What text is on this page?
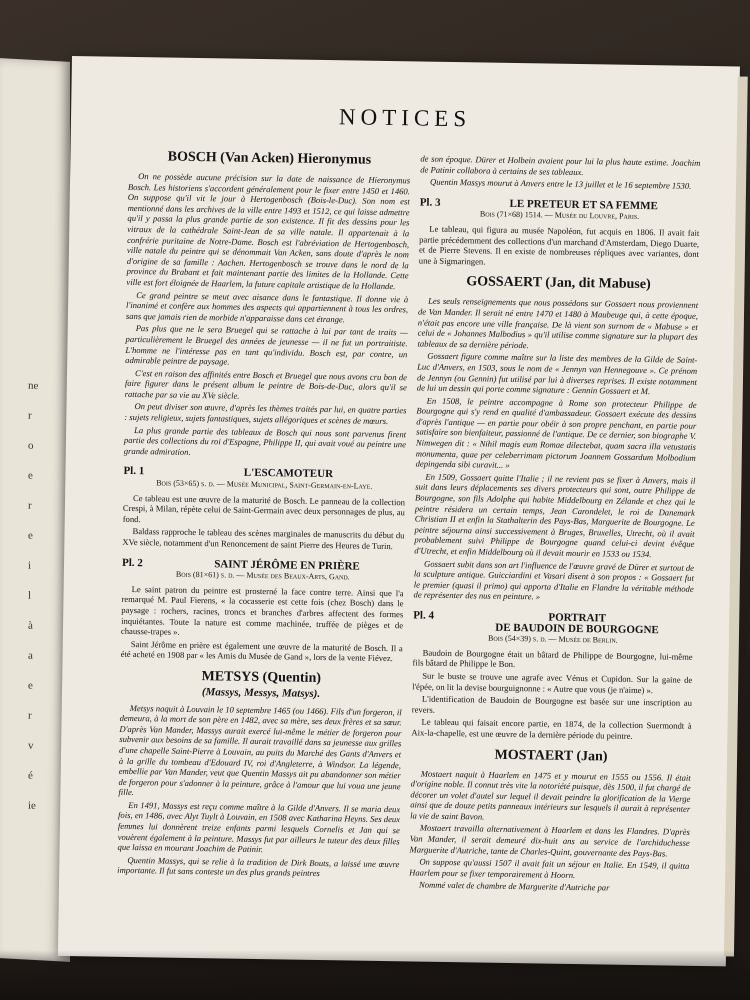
ne
r
o
e
r
e
i
l
à
a
e
r
v
é
ie
NOTICES
BOSCH (Van Acken) Hieronymus

On ne possède aucune précision sur la date de naissance de Hieronymus Bosch. Les historiens s'accordent généralement pour le fixer entre 1450 et 1460. On suppose qu'il vit le jour à Hertogenbosch (Bois-le-Duc). Son nom est mentionné dans les archives de la ville entre 1493 et 1512, ce qui laisse admettre qu'il y passa la plus grande partie de son existence. Il fit des dessins pour les vitraux de la cathédrale Saint-Jean de sa ville natale. Il appartenait à la confrérie puritaine de Notre-Dame. Bosch est l'abréviation de Hertogenbosch, ville natale du peintre qui se dénommait Van Acken, sans doute d'après le nom d'origine de sa famille : Aachen. Hertogenbosch se trouve dans le nord de la province du Brabant et fait maintenant partie des limites de la Hollande. Cette ville est fort éloignée de Haarlem, la future capitale artistique de la Hollande.

Ce grand peintre se meut avec aisance dans le fantastique. Il donne vie à l'inanimé et confère aux hommes des aspects qui appartiennent à tous les ordres, sans que jamais rien de morbide n'apparaisse dans cet étrange.

Pas plus que ne le sera Bruegel qui se rattache à lui par tant de traits — particulièrement le Bruegel des années de jeunesse — il ne fut un portraitiste. L'homme ne l'intéresse pas en tant qu'individu. Bosch est, par contre, un admirable peintre de paysage.

C'est en raison des affinités entre Bosch et Bruegel que nous avons cru bon de faire figurer dans le présent album le peintre de Bois-de-Duc, alors qu'il se rattache par sa vie au XVe siècle.

On peut diviser son œuvre, d'après les thèmes traités par lui, en quatre parties : sujets religieux, sujets fantastiques, sujets allégoriques et scènes de mœurs.

La plus grande partie des tableaux de Bosch qui nous sont parvenus firent partie des collections du roi d'Espagne, Philippe II, qui avait voué au peintre une grande admiration.

Pl. 1	L'ESCAMOTEUR
Bois (53×65) s. d. — Musée Municipal, Saint-Germain-en-Laye.

Ce tableau est une œuvre de la maturité de Bosch. Le panneau de la collection Crespi, à Milan, répète celui de Saint-Germain avec deux personnages de plus, au fond.

Baldass rapproche le tableau des scènes marginales de manuscrits du début du XVe siècle, notamment d'un Renoncement de saint Pierre des Heures de Turin.

Pl. 2	SAINT JÉRÔME EN PRIÈRE
Bois (81×61) s. d. — Musée des Beaux-Arts, Gand.

Le saint patron du peintre est prosterné la face contre terre. Ainsi que l'a remarqué M. Paul Fierens, « la cocasserie est cette fois (chez Bosch) dans le paysage : rochers, racines, troncs et branches d'arbres affectent des formes inquiétantes. Toute la nature est comme machinée, truffée de pièges et de chausse-trapes ».

Saint Jérôme en prière est également une œuvre de la maturité de Bosch. Il a été acheté en 1908 par « les Amis du Musée de Gand », lors de la vente Fiévez.

METSYS (Quentin)
(Massys, Messys, Matsys).

Metsys naquit à Louvain le 10 septembre 1465 (ou 1466). Fils d'un forgeron, il demeura, à la mort de son père en 1482, avec sa mère, ses deux frères et sa sœur. D'après Van Mander, Massys aurait exercé lui-même le métier de forgeron pour subvenir aux besoins de sa famille. Il aurait travaillé dans sa jeunesse aux grilles d'une chapelle Saint-Pierre à Louvain, au puits du Marché des Gants d'Anvers et à la grille du tombeau d'Edouard IV, roi d'Angleterre, à Windsor. La légende, embellie par Van Mander, veut que Quentin Massys ait pu abandonner son métier de forgeron pour s'adonner à la peinture, grâce à l'amour que lui voua une jeune fille.

En 1491, Massys est reçu comme maître à la Gilde d'Anvers. Il se maria deux fois, en 1486, avec Alyt Tuylt à Louvain, en 1508 avec Katharina Heyns. Ses deux femmes lui donnèrent treize enfants parmi lesquels Cornelis et Jan qui se vouèrent également à la peinture. Massys fut par ailleurs le tuteur des deux filles que laissa en mourant Joachim de Patinir.

Quentin Massys, qui se relie à la tradition de Dirk Bouts, a laissé une œuvre importante. Il fut sans conteste un des plus grands peintres

de son époque. Dürer et Holbein avaient pour lui la plus haute estime. Joachim de Patinir collabora à certains de ses tableaux.

Quentin Massys mourut à Anvers entre le 13 juillet et le 16 septembre 1530.

Pl. 3	LE PRETEUR ET SA FEMME
Bois (71×68) 1514. — Musée du Louvre, Paris.

Le tableau, qui figura au musée Napoléon, fut acquis en 1806. Il avait fait partie précédemment des collections d'un marchand d'Amsterdam, Diego Duarte, et de Pierre Stevens. Il en existe de nombreuses répliques avec variantes, dont une à Sigmaringen.

GOSSAERT (Jan, dit Mabuse)

Les seuls renseignements que nous possédons sur Gossaert nous proviennent de Van Mander. Il serait né entre 1470 et 1480 à Maubeuge qui, à cette époque, n'était pas encore une ville française. De là vient son surnom de « Mabuse » et celui de « Johannes Malbodius » qu'il utilise comme signature sur la plupart des tableaux de sa dernière période.

Gossaert figure comme maître sur la liste des membres de la Gilde de Saint-Luc d'Anvers, en 1503, sous le nom de « Jennyn van Hennegouve ». Ce prénom de Jennyn (ou Gennin) fut utilisé par lui à diverses reprises. Il existe notamment de lui un dessin qui porte comme signature : Gennin Gossaert et M.

En 1508, le peintre accompagne à Rome son protecteur Philippe de Bourgogne qui s'y rend en qualité d'ambassadeur. Gossaert exécute des dessins d'après l'antique — en partie pour obéir à son propre penchant, en partie pour satisfaire son bienfaiteur, passionné de l'antique. De ce dernier, son biographe V. Nimwegen dit : « Nihil magis eum Romae dilectebat, quam sacra illa vetustatis monumenta, quae per celeberrimam pictorum Joannem Gossardum Molbodium depingenda sibi curavit... »

En 1509, Gossaert quitte l'Italie ; il ne revient pas se fixer à Anvers, mais il suit dans leurs déplacements ses divers protecteurs qui sont, outre Philippe de Bourgogne, son fils Adolphe qui habite Middelbourg en Zélande et chez qui le peintre résidera un certain temps, Jean Carondelet, le roi de Danemark Christian II et enfin la Stathalterin des Pays-Bas, Marguerite de Bourgogne. Le peintre séjourna ainsi successivement à Bruges, Bruxelles, Utrecht, où il avait probablement suivi Philippe de Bourgogne quand celui-ci devint évêque d'Utrecht, et enfin Middelbourg où il devait mourir en 1533 ou 1534.

Gossaert subit dans son art l'influence de l'œuvre gravé de Dürer et surtout de la sculpture antique. Guicciardini et Vasari disent à son propos : « Gossaert fut le premier (quasi il primo) qui apporta d'Italie en Flandre la véritable méthode de représenter des nus en peinture. »

Pl. 4	PORTRAIT
DE BAUDOIN DE BOURGOGNE
Bois (54×39) s. d. — Musée de Berlin.

Baudoin de Bourgogne était un bâtard de Philippe de Bourgogne, lui-même fils bâtard de Philippe le Bon.

Sur le buste se trouve une agrafe avec Vénus et Cupidon. Sur la gaine de l'épée, on lit la devise bourguignonne : « Autre que vous (je n'aime) ».

L'identification de Baudoin de Bourgogne est basée sur une inscription au revers.

Le tableau qui faisait encore partie, en 1874, de la collection Suermondt à Aix-la-chapelle, est une œuvre de la dernière période du peintre.

MOSTAERT (Jan)

Mostaert naquit à Haarlem en 1475 et y mourut en 1555 ou 1556. Il était d'origine noble. Il connut très vite la notoriété puisque, dès 1500, il fut chargé de décorer un volet d'autel sur lequel il devait peindre la glorification de la Vierge ainsi que de douze petits panneaux intérieurs sur lesquels il aurait à représenter la vie de saint Bavon.

Mostaert travailla alternativement à Haarlem et dans les Flandres. D'après Van Mander, il serait demeuré dix-huit ans au service de l'archiduchesse Marguerite d'Autriche, tante de Charles-Quint, gouvernante des Pays-Bas.

On suppose qu'aussi 1507 il avait fait un séjour en Italie. En 1549, il quitta Haarlem pour se fixer temporairement à Hoorn.

Nommé valet de chambre de Marguerite d'Autriche par
